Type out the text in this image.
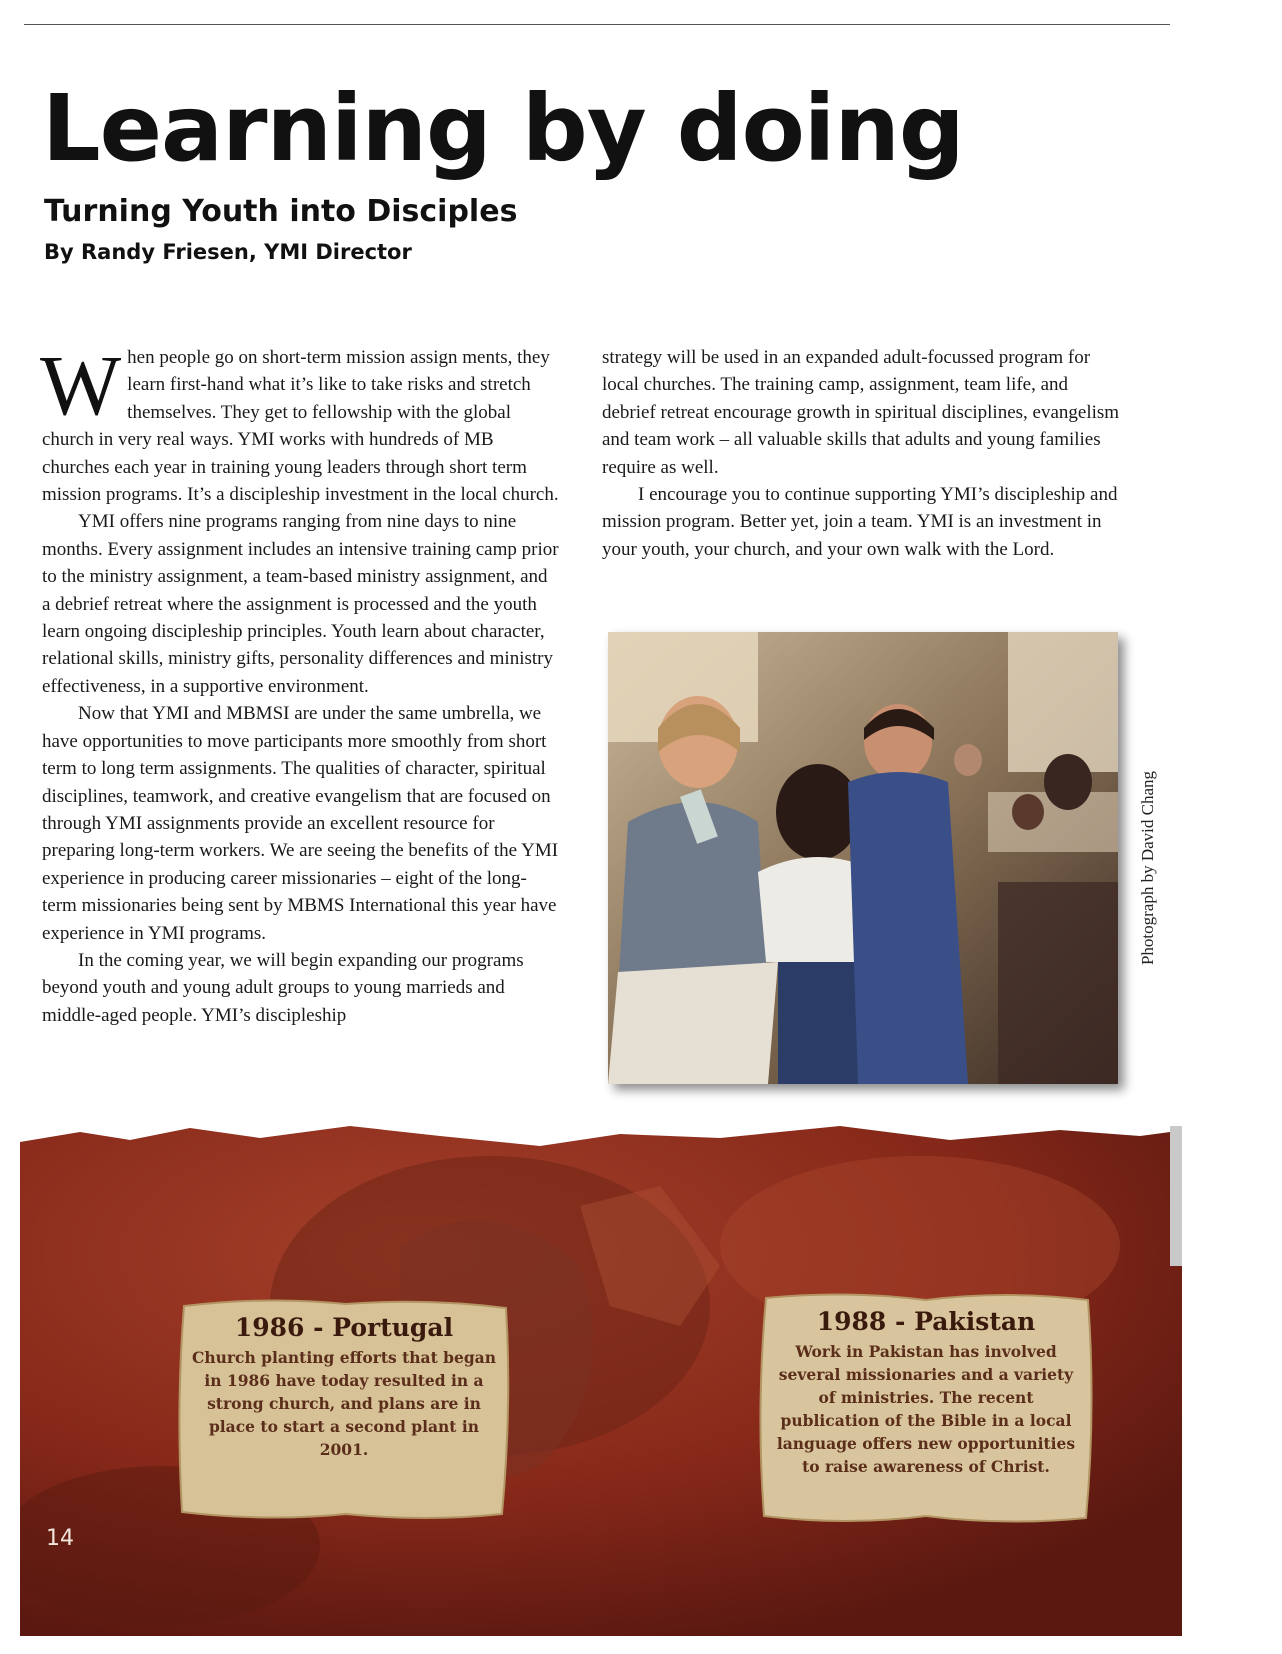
Learning by doing
Turning Youth into Disciples
By Randy Friesen, YMI Director

When people go on short-term mission assign ments, they learn first-hand what it’s like to take risks and stretch themselves. They get to fellowship with the global church in very real ways. YMI works with hundreds of MB churches each year in training young leaders through short term mission programs. It’s a discipleship investment in the local church.

YMI offers nine programs ranging from nine days to nine months. Every assignment includes an intensive training camp prior to the ministry assignment, a team-based ministry assignment, and a debrief retreat where the assignment is processed and the youth learn ongoing discipleship principles. Youth learn about character, relational skills, ministry gifts, personality differences and ministry effectiveness, in a supportive environment.

Now that YMI and MBMSI are under the same umbrella, we have opportunities to move participants more smoothly from short term to long term assignments. The qualities of character, spiritual disciplines, teamwork, and creative evangelism that are focused on through YMI assignments provide an excellent resource for preparing long-term workers. We are seeing the benefits of the YMI experience in producing career missionaries – eight of the long-term missionaries being sent by MBMS International this year have experience in YMI programs.

In the coming year, we will begin expanding our programs beyond youth and young adult groups to young marrieds and middle-aged people. YMI’s discipleship

strategy will be used in an expanded adult-focussed program for local churches. The training camp, assignment, team life, and debrief retreat encourage growth in spiritual disciplines, evangelism and team work – all valuable skills that adults and young families require as well.

I encourage you to continue supporting YMI’s discipleship and mission program. Better yet, join a team. YMI is an investment in your youth, your church, and your own walk with the Lord.

Photograph by David Chang
1986 - Portugal

Church planting efforts that began in 1986 have today resulted in a strong church, and plans are in place to start a second plant in 2001.

1988 - Pakistan

Work in Pakistan has involved several missionaries and a variety of ministries. The recent publication of the Bible in a local language offers new opportunities to raise awareness of Christ.

14
